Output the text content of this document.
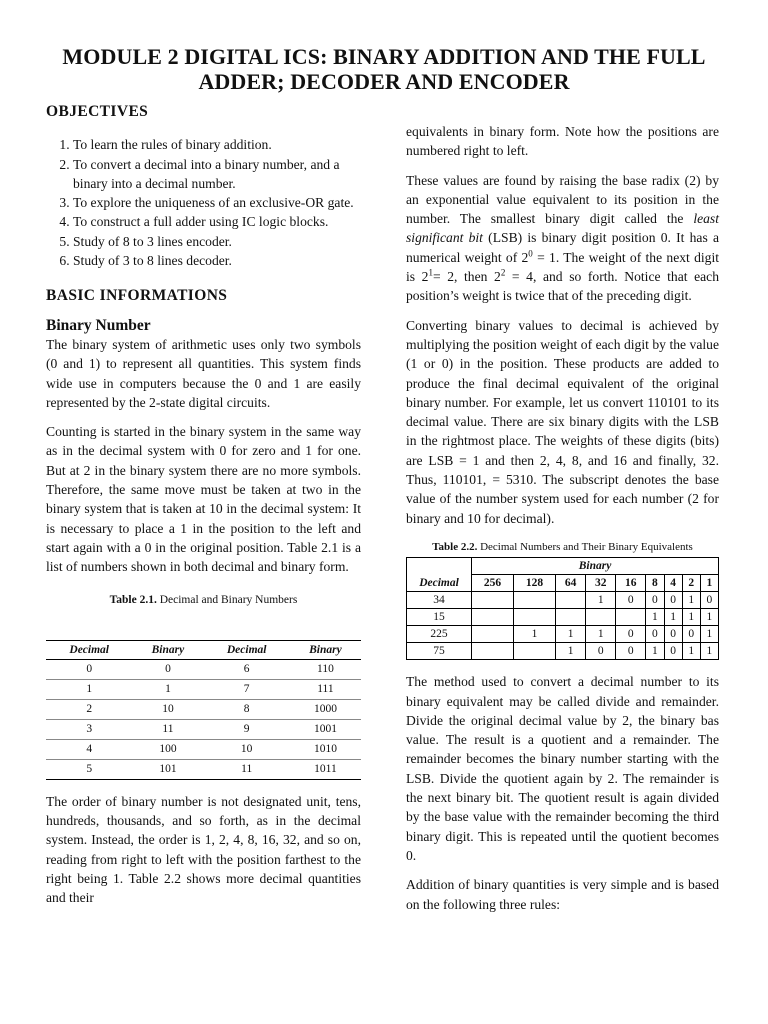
MODULE 2 DIGITAL ICS: BINARY ADDITION AND THE FULL ADDER; DECODER AND ENCODER
OBJECTIVES
1. To learn the rules of binary addition.
2. To convert a decimal into a binary number, and a binary into a decimal number.
3. To explore the uniqueness of an exclusive-OR gate.
4. To construct a full adder using IC logic blocks.
5. Study of 8 to 3 lines encoder.
6. Study of 3 to 8 lines decoder.
BASIC INFORMATIONS
Binary Number

The binary system of arithmetic uses only two symbols (0 and 1) to represent all quantities. This system finds wide use in computers because the 0 and 1 are easily represented by the 2-state digital circuits.

Counting is started in the binary system in the same way as in the decimal system with 0 for zero and 1 for one. But at 2 in the binary system there are no more symbols. Therefore, the same move must be taken at two in the binary system that is taken at 10 in the decimal system: It is necessary to place a 1 in the position to the left and start again with a 0 in the original position. Table 2.1 is a list of numbers shown in both decimal and binary form.

Table 2.1. Decimal and Binary Numbers
Decimal	Binary	Decimal	Binary
0	0	6	110
1	1	7	111
2	10	8	1000
3	11	9	1001
4	100	10	1010
5	101	11	1011

The order of binary number is not designated unit, tens, hundreds, thousands, and so forth, as in the decimal system. Instead, the order is 1, 2, 4, 8, 16, 32, and so on, reading from right to left with the position farthest to the right being 1. Table 2.2 shows more decimal quantities and their

equivalents in binary form. Note how the positions are numbered right to left.

These values are found by raising the base radix (2) by an exponential value equivalent to its position in the number. The smallest binary digit called the least significant bit (LSB) is binary digit position 0. It has a numerical weight of $2^0 = 1$. The weight of the next digit is $2^1= 2$, then $2^2 = 4$, and so forth. Notice that each position’s weight is twice that of the preceding digit.

Converting binary values to decimal is achieved by multiplying the position weight of each digit by the value (1 or 0) in the position. These products are added to produce the final decimal equivalent of the original binary number. For example, let us convert 110101 to its decimal value. There are six binary digits with the LSB in the rightmost place. The weights of these digits (bits) are LSB = 1 and then 2, 4, 8, and 16 and finally, 32. Thus, 110101, = 5310. The subscript denotes the base value of the number system used for each number (2 for binary and 10 for decimal).

Table 2.2. Decimal Numbers and Their Binary Equivalents
	Binary								
Decimal	256	128	64	32	16	8	4	2	1
34				1	0	0	0	1	0
15						1	1	1	1
225		1	1	1	0	0	0	0	1
75			1	0	0	1	0	1	1

The method used to convert a decimal number to its binary equivalent may be called divide and remainder. Divide the original decimal value by 2, the binary bas value. The result is a quotient and a remainder. The remainder becomes the binary number starting with the LSB. Divide the quotient again by 2. The remainder is the next binary bit. The quotient result is again divided by the base value with the remainder becoming the third binary digit. This is repeated until the quotient becomes 0.

Addition of binary quantities is very simple and is based on the following three rules:
